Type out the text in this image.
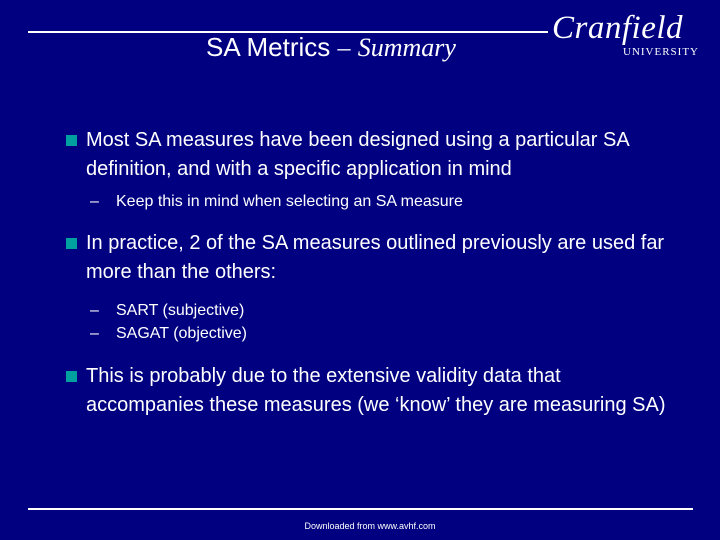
SA Metrics – Summary
Cranfield
UNIVERSITY
Most SA measures have been designed using a particular SA definition, and with a specific application in mind
– Keep this in mind when selecting an SA measure
In practice, 2 of the SA measures outlined previously are used far more than the others:
– SART (subjective)
– SAGAT (objective)
This is probably due to the extensive validity data that accompanies these measures (we ‘know’ they are measuring SA)
Downloaded from www.avhf.com
